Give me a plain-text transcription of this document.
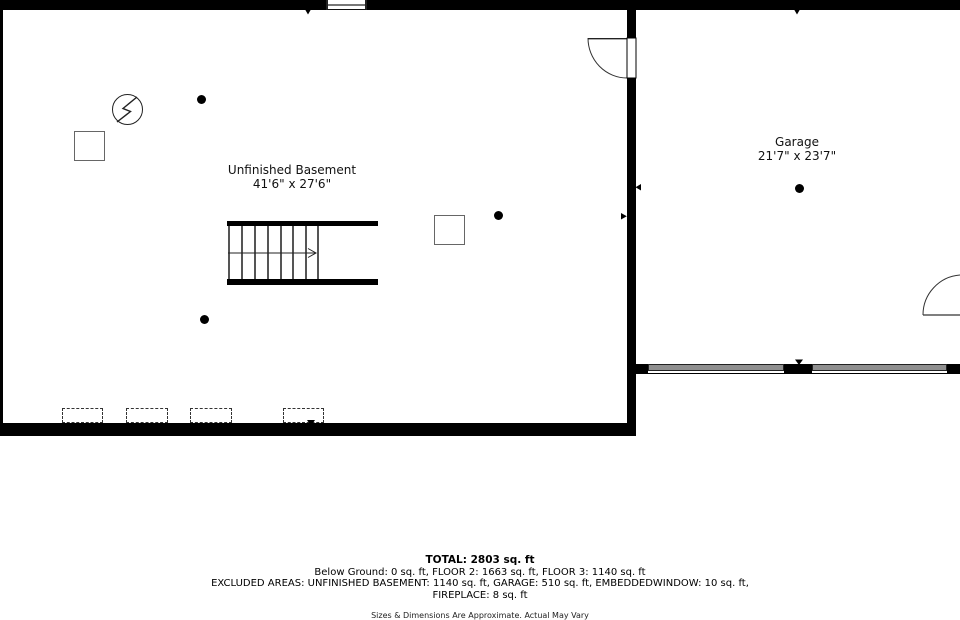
Unfinished Basement
41'6" x 27'6"
Garage
21'7" x 23'7"
TOTAL: 2803 sq. ft
Below Ground: 0 sq. ft, FLOOR 2: 1663 sq. ft, FLOOR 3: 1140 sq. ft
EXCLUDED AREAS: UNFINISHED BASEMENT: 1140 sq. ft, GARAGE: 510 sq. ft, EMBEDDEDWINDOW: 10 sq. ft,
FIREPLACE: 8 sq. ft
Sizes & Dimensions Are Approximate. Actual May Vary
